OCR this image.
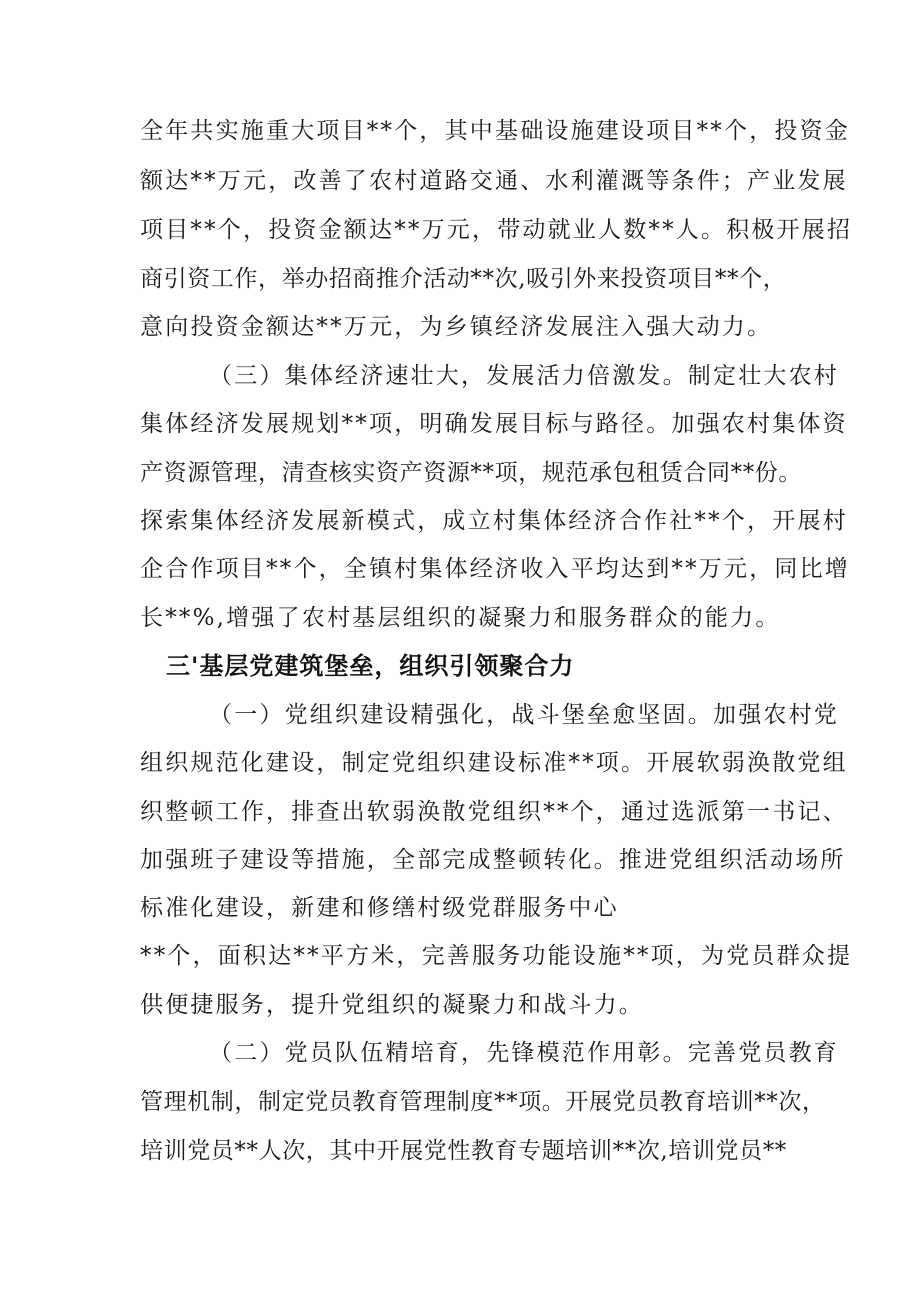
全年共实施重大项目**个，其中基础设施建设项目**个，投资金
额达**万元，改善了农村道路交通、水利灌溉等条件；产业发展
项目**个，投资金额达**万元，带动就业人数**人。积极开展招
商引资工作，举办招商推介活动**次,吸引外来投资项目**个，
意向投资金额达**万元，为乡镇经济发展注入强大动力。
（三）集体经济速壮大，发展活力倍激发。制定壮大农村
集体经济发展规划**项，明确发展目标与路径。加强农村集体资
产资源管理，清查核实资产资源**项，规范承包租赁合同**份。
探索集体经济发展新模式，成立村集体经济合作社**个，开展村
企合作项目**个，全镇村集体经济收入平均达到**万元，同比增
长**%,增强了农村基层组织的凝聚力和服务群众的能力。
三'基层党建筑堡垒，组织引领聚合力
（一）党组织建设精强化，战斗堡垒愈坚固。加强农村党
组织规范化建设，制定党组织建设标准**项。开展软弱涣散党组
织整顿工作，排查出软弱涣散党组织**个，通过选派第一书记、
加强班子建设等措施，全部完成整顿转化。推进党组织活动场所
标准化建设，新建和修缮村级党群服务中心
**个，面积达**平方米，完善服务功能设施**项，为党员群众提
供便捷服务，提升党组织的凝聚力和战斗力。
（二）党员队伍精培育，先锋模范作用彰。完善党员教育
管理机制，制定党员教育管理制度**项。开展党员教育培训**次，
培训党员**人次，其中开展党性教育专题培训**次,培训党员**
